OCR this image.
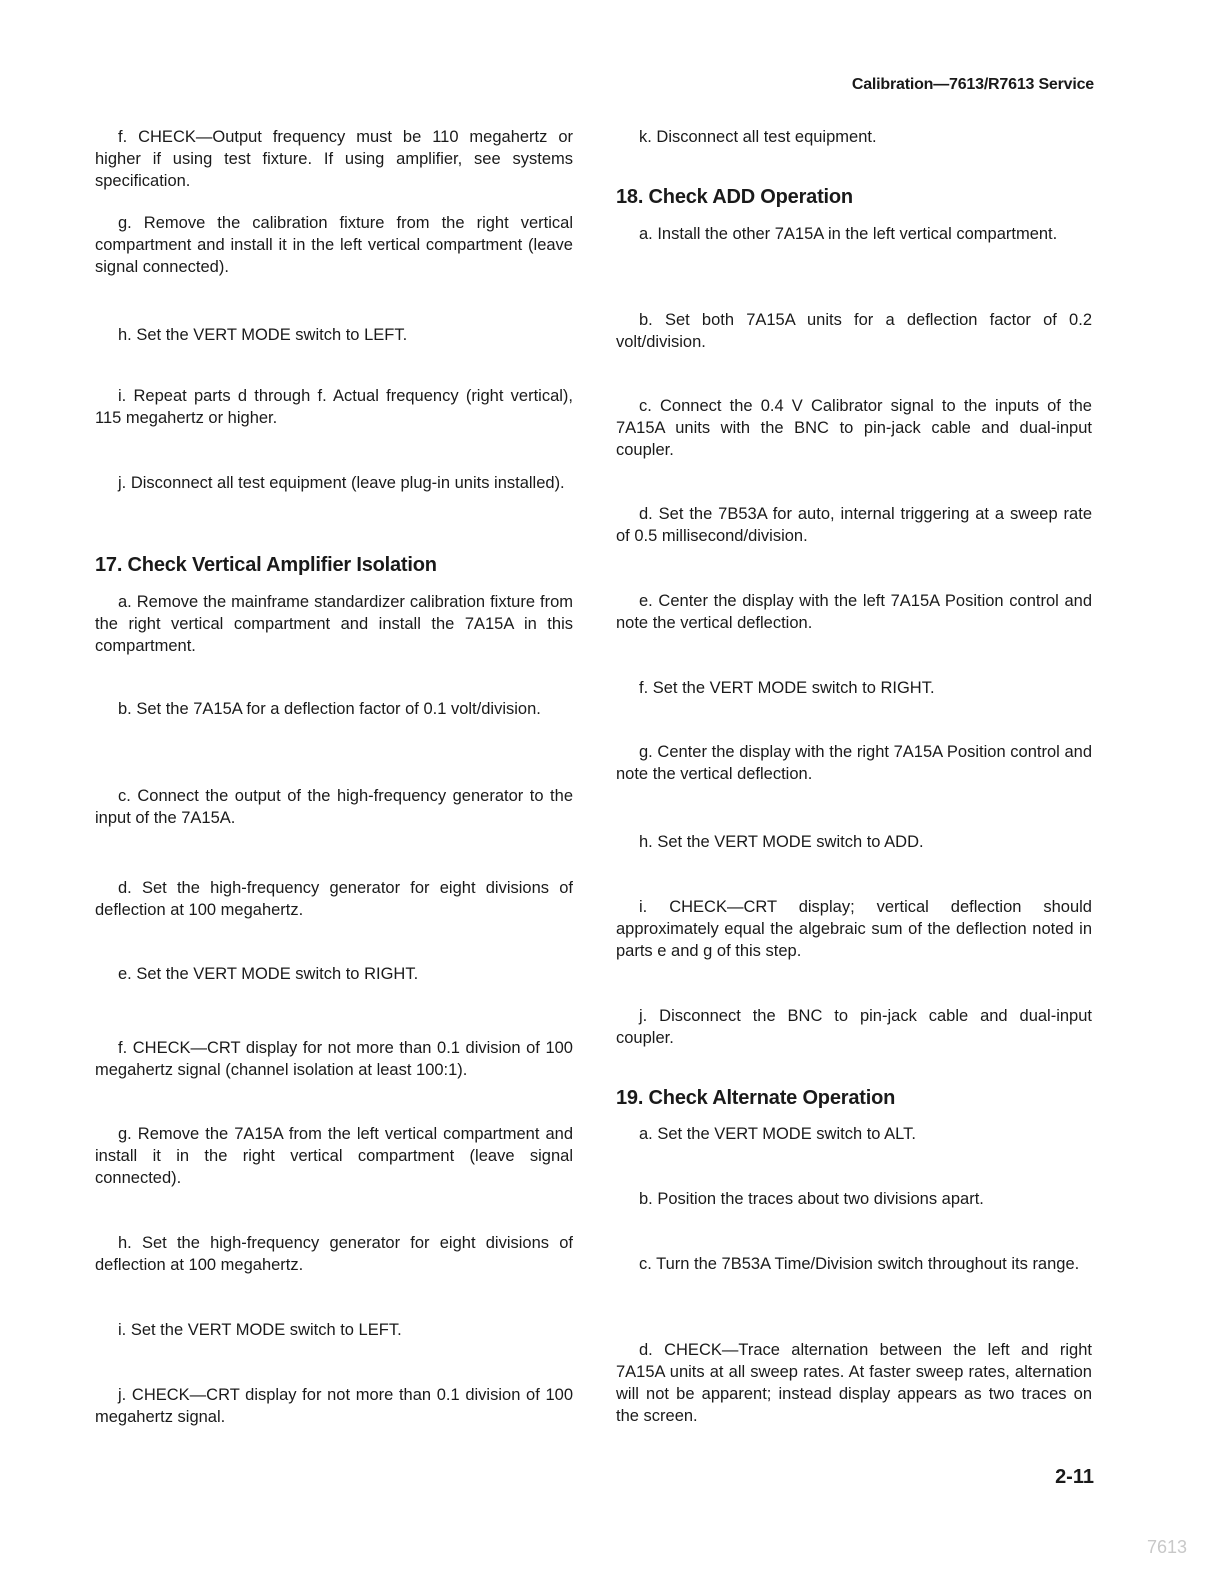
Calibration—7613/R7613 Service

f. CHECK—Output frequency must be 110 megahertz or higher if using test fixture. If using amplifier, see systems specification.

g. Remove the calibration fixture from the right vertical compartment and install it in the left vertical compartment (leave signal connected).

h. Set the VERT MODE switch to LEFT.

i. Repeat parts d through f. Actual frequency (right vertical), 115 megahertz or higher.

j. Disconnect all test equipment (leave plug-in units installed).

17. Check Vertical Amplifier Isolation

a. Remove the mainframe standardizer calibration fixture from the right vertical compartment and install the 7A15A in this compartment.

b. Set the 7A15A for a deflection factor of 0.1 volt/division.

c. Connect the output of the high-frequency generator to the input of the 7A15A.

d. Set the high-frequency generator for eight divisions of deflection at 100 megahertz.

e. Set the VERT MODE switch to RIGHT.

f. CHECK—CRT display for not more than 0.1 division of 100 megahertz signal (channel isolation at least 100:1).

g. Remove the 7A15A from the left vertical compartment and install it in the right vertical compartment (leave signal connected).

h. Set the high-frequency generator for eight divisions of deflection at 100 megahertz.

i. Set the VERT MODE switch to LEFT.

j. CHECK—CRT display for not more than 0.1 division of 100 megahertz signal.

k. Disconnect all test equipment.

18. Check ADD Operation

a. Install the other 7A15A in the left vertical compartment.

b. Set both 7A15A units for a deflection factor of 0.2 volt/division.

c. Connect the 0.4 V Calibrator signal to the inputs of the 7A15A units with the BNC to pin-jack cable and dual-input coupler.

d. Set the 7B53A for auto, internal triggering at a sweep rate of 0.5 millisecond/division.

e. Center the display with the left 7A15A Position control and note the vertical deflection.

f. Set the VERT MODE switch to RIGHT.

g. Center the display with the right 7A15A Position control and note the vertical deflection.

h. Set the VERT MODE switch to ADD.

i. CHECK—CRT display; vertical deflection should approximately equal the algebraic sum of the deflection noted in parts e and g of this step.

j. Disconnect the BNC to pin-jack cable and dual-input coupler.

19. Check Alternate Operation

a. Set the VERT MODE switch to ALT.

b. Position the traces about two divisions apart.

c. Turn the 7B53A Time/Division switch throughout its range.

d. CHECK—Trace alternation between the left and right 7A15A units at all sweep rates. At faster sweep rates, alternation will not be apparent; instead display appears as two traces on the screen.

2-11
7613
